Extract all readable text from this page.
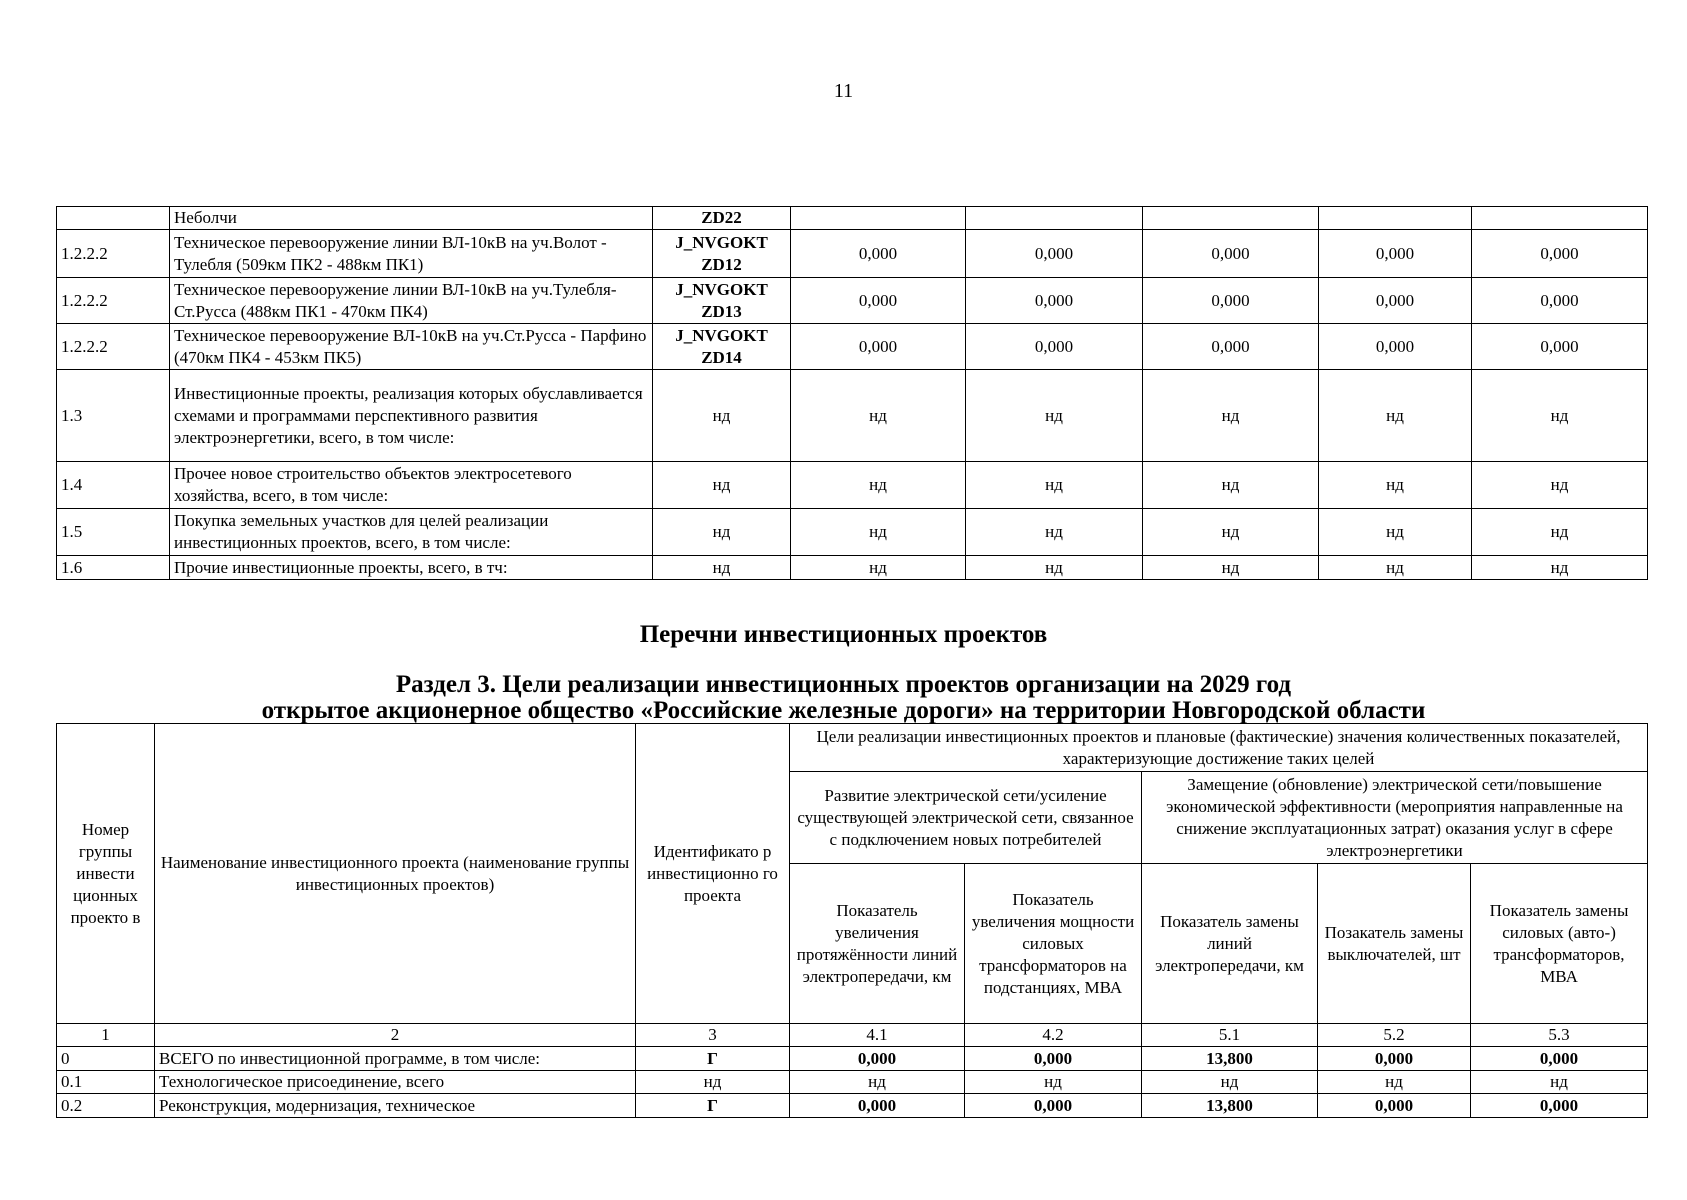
11
	Неболчи	ZD22					
1.2.2.2	Техническое перевооружение линии ВЛ-10кВ на уч.Волот - Тулебля (509км ПК2 - 488км ПК1)	J_NVGOKT ZD12	0,000	0,000	0,000	0,000	0,000
1.2.2.2	Техническое перевооружение линии ВЛ-10кВ на уч.Тулебля- Ст.Русса (488км ПК1 - 470км ПК4)	J_NVGOKT ZD13	0,000	0,000	0,000	0,000	0,000
1.2.2.2	Техническое перевооружение ВЛ-10кВ на уч.Ст.Русса - Парфино (470км ПК4 - 453км ПК5)	J_NVGOKT ZD14	0,000	0,000	0,000	0,000	0,000
1.3	Инвестиционные проекты, реализация которых обуславливается схемами и программами перспективного развития электроэнергетики, всего, в том числе:	нд	нд	нд	нд	нд	нд
1.4	Прочее новое строительство объектов электросетевого хозяйства, всего, в том числе:	нд	нд	нд	нд	нд	нд
1.5	Покупка земельных участков для целей реализации инвестиционных проектов, всего, в том числе:	нд	нд	нд	нд	нд	нд
1.6	Прочие инвестиционные проекты, всего, в тч:	нд	нд	нд	нд	нд	нд
Перечни инвестиционных проектов
Раздел 3. Цели реализации инвестиционных проектов организации на 2029 год
открытое акционерное общество «Российские железные дороги» на территории Новгородской области
Номер группы инвести ционных проекто в	Наименование инвестиционного проекта (наименование группы инвестиционных проектов)	Идентификато р инвестиционно го проекта	Цели реализации инвестиционных проектов и плановые (фактические) значения количественных показателей, характеризующие достижение таких целей				
			Развитие электрической сети/усиление существующей электрической сети, связанное с подключением новых потребителей		Замещение (обновление) электрической сети/повышение экономической эффективности (мероприятия направленные на снижение эксплуатационных затрат) оказания услуг в сфере электроэнергетики		
			Показатель увеличения протяжённости линий электропередачи, км	Показатель увеличения мощности силовых трансформаторов на подстанциях, МВА	Показатель замены линий электропередачи, км	Позакатель замены выключателей, шт	Показатель замены силовых (авто-) трансформаторов, МВА
1	2	3	4.1	4.2	5.1	5.2	5.3
0	ВСЕГО по инвестиционной программе, в том числе:	Г	0,000	0,000	13,800	0,000	0,000
0.1	Технологическое присоединение, всего	нд	нд	нд	нд	нд	нд
0.2	Реконструкция, модернизация, техническое	Г	0,000	0,000	13,800	0,000	0,000
